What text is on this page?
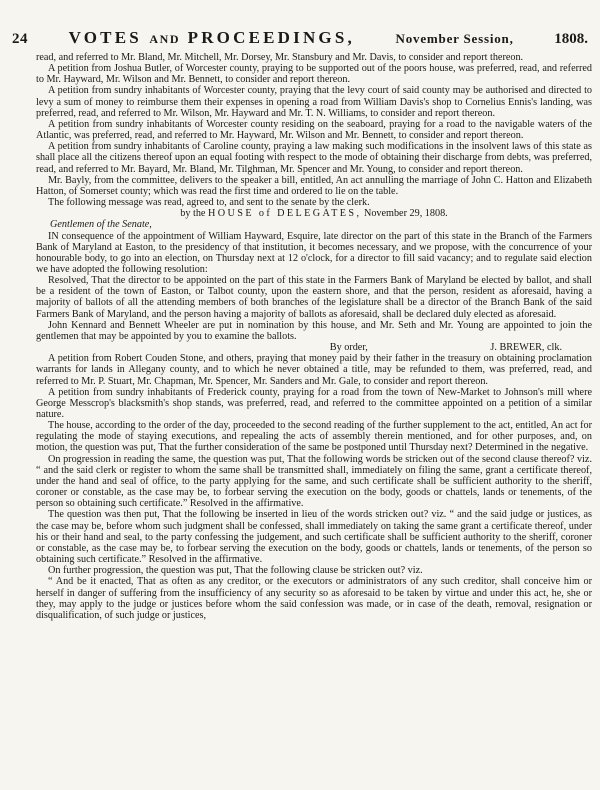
24 VOTES AND PROCEEDINGS,	November Session,	1808.

read, and referred to Mr. Bland, Mr. Mitchell, Mr. Dorsey, Mr. Stansbury and Mr. Davis, to consider and report thereon.

A petition from Joshua Butler, of Worcester county, praying to be supported out of the poors house, was preferred, read, and referred to Mr. Hayward, Mr. Wilson and Mr. Bennett, to consider and report thereon.

A petition from sundry inhabitants of Worcester county, praying that the levy court of said county may be authorised and directed to levy a sum of money to reimburse them their expenses in opening a road from William Davis's shop to Cornelius Ennis's landing, was preferred, read, and referred to Mr. Wilson, Mr. Hayward and Mr. T. N. Williams, to consider and report thereon.

A petition from sundry inhabitants of Worcester county residing on the seaboard, praying for a road to the navigable waters of the Atlantic, was preferred, read, and referred to Mr. Hayward, Mr. Wilson and Mr. Bennett, to consider and report thereon.

A petition from sundry inhabitants of Caroline county, praying a law making such modifications in the insolvent laws of this state as shall place all the citizens thereof upon an equal footing with respect to the mode of obtaining their discharge from debts, was preferred, read, and referred to Mr. Bayard, Mr. Bland, Mr. Tilghman, Mr. Spencer and Mr. Young, to consider and report thereon.

Mr. Bayly, from the committee, delivers to the speaker a bill, entitled, An act annulling the marriage of John C. Hatton and Elizabeth Hatton, of Somerset county; which was read the first time and ordered to lie on the table.

The following message was read, agreed to, and sent to the senate by the clerk.

by the HOUSE of DELEGATES, November 29, 1808.

Gentlemen of the Senate,

IN consequence of the appointment of William Hayward, Esquire, late director on the part of this state in the Branch of the Farmers Bank of Maryland at Easton, to the presidency of that institution, it becomes necessary, and we propose, with the concurrence of your honourable body, to go into an election, on Thursday next at 12 o'clock, for a director to fill said vacancy; and to regulate said election we have adopted the following resolution:

Resolved, That the director to be appointed on the part of this state in the Farmers Bank of Maryland be elected by ballot, and shall be a resident of the town of Easton, or Talbot county, upon the eastern shore, and that the person, resident as aforesaid, having a majority of ballots of all the attending members of both branches of the legislature shall be a director of the Branch Bank of the said Farmers Bank of Maryland, and the person having a majority of ballots as aforesaid, shall be declared duly elected as aforesaid.

John Kennard and Bennett Wheeler are put in nomination by this house, and Mr. Seth and Mr. Young are appointed to join the gentlemen that may be appointed by you to examine the ballots.

By order,	J. BREWER, clk.

A petition from Robert Couden Stone, and others, praying that money paid by their father in the treasury on obtaining proclamation warrants for lands in Allegany county, and to which he never obtained a title, may be refunded to them, was preferred, read, and referred to Mr. P. Stuart, Mr. Chapman, Mr. Spencer, Mr. Sanders and Mr. Gale, to consider and report thereon.

A petition from sundry inhabitants of Frederick county, praying for a road from the town of New-Market to Johnson's mill where George Messcrop's blacksmith's shop stands, was preferred, read, and referred to the committee appointed on a petition of a similar nature.

The house, according to the order of the day, proceeded to the second reading of the further supplement to the act, entitled, An act for regulating the mode of staying executions, and repealing the acts of assembly therein mentioned, and for other purposes, and, on motion, the question was put, That the further consideration of the same be postponed until Thursday next? Determined in the negative.

On progression in reading the same, the question was put, That the following words be stricken out of the second clause thereof? viz. “ and the said clerk or register to whom the same shall be transmitted shall, immediately on filing the same, grant a certificate thereof, under the hand and seal of office, to the party applying for the same, and such certificate shall be sufficient authority to the sheriff, coroner or constable, as the case may be, to forbear serving the execution on the body, goods or chattels, lands or tenements, of the person so obtaining such certificate.” Resolved in the affirmative.

The question was then put, That the following be inserted in lieu of the words stricken out? viz. “ and the said judge or justices, as the case may be, before whom such judgment shall be confessed, shall immediately on taking the same grant a certificate thereof, under his or their hand and seal, to the party confessing the judgement, and such certificate shall be sufficient authority to the sheriff, coroner or constable, as the case may be, to forbear serving the execution on the body, goods or chattels, lands or tenements, of the person so obtaining such certificate.” Resolved in the affirmative.

On further progression, the question was put, That the following clause be stricken out? viz.

“ And be it enacted, That as often as any creditor, or the executors or administrators of any such creditor, shall conceive him or herself in danger of suffering from the insufficiency of any security so as aforesaid to be taken by virtue and under this act, he, she or they, may apply to the judge or justices before whom the said confession was made, or in case of the death, removal, resignation or disqualification, of such judge or justices,
